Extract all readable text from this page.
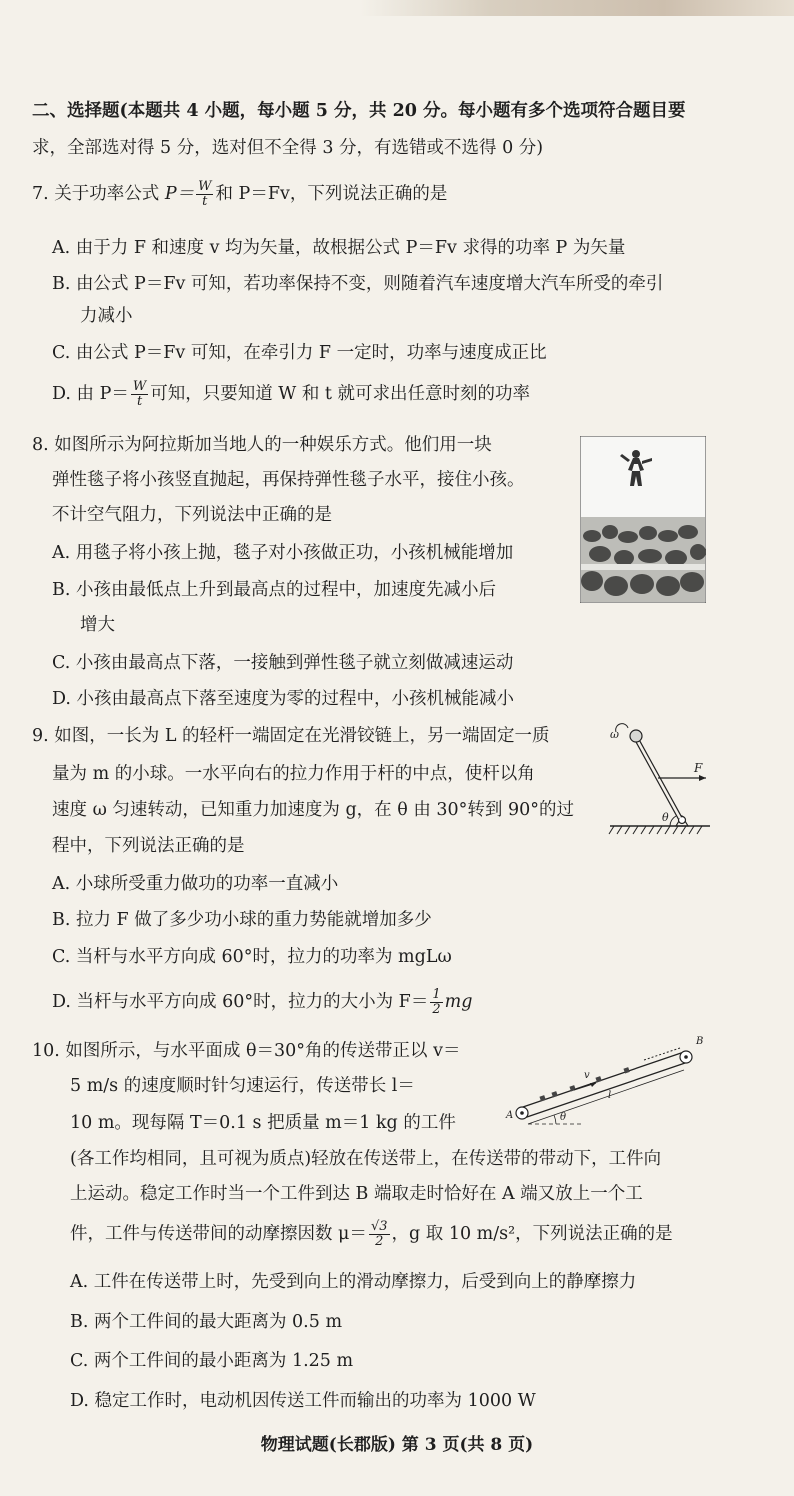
二、选择题(本题共 4 小题，每小题 5 分，共 20 分。每小题有多个选项符合题目要
求，全部选对得 5 分，选对但不全得 3 分，有选错或不选得 0 分)
7. 关于功率公式 $P= \frac{W}{t}$ 和 P＝Fv，下列说法正确的是
A. 由于力 F 和速度 v 均为矢量，故根据公式 P＝Fv 求得的功率 P 为矢量
B. 由公式 P＝Fv 可知，若功率保持不变，则随着汽车速度增大汽车所受的牵引
力减小
C. 由公式 P＝Fv 可知，在牵引力 F 一定时，功率与速度成正比
D. 由 $P= \frac{W}{t}$ 可知，只要知道 W 和 t 就可求出任意时刻的功率
8. 如图所示为阿拉斯加当地人的一种娱乐方式。他们用一块
弹性毯子将小孩竖直抛起，再保持弹性毯子水平，接住小孩。
不计空气阻力，下列说法中正确的是
A. 用毯子将小孩上抛，毯子对小孩做正功，小孩机械能增加
B. 小孩由最低点上升到最高点的过程中，加速度先减小后
增大
C. 小孩由最高点下落，一接触到弹性毯子就立刻做减速运动
D. 小孩由最高点下落至速度为零的过程中，小孩机械能减小
9. 如图，一长为 L 的轻杆一端固定在光滑铰链上，另一端固定一质
量为 m 的小球。一水平向右的拉力作用于杆的中点，使杆以角
速度 ω 匀速转动，已知重力加速度为 g，在 θ 由 30°转到 90°的过
程中，下列说法正确的是
A. 小球所受重力做功的功率一直减小
B. 拉力 F 做了多少功小球的重力势能就增加多少
C. 当杆与水平方向成 60°时，拉力的功率为 mgLω
D. 当杆与水平方向成 60°时，拉力的大小为 $F= \frac{1}{2}$ mg
ω
F
θ
10. 如图所示，与水平面成 θ＝30°角的传送带正以 v＝
5 m/s 的速度顺时针匀速运行，传送带长 l＝
10 m。现每隔 T＝0.1 s 把质量 m＝1 kg 的工件
(各工作均相同，且可视为质点)轻放在传送带上，在传送带的带动下，工件向
上运动。稳定工作时当一个工件到达 B 端取走时恰好在 A 端又放上一个工
件，工件与传送带间的动摩擦因数 $\mu= \frac{√3}{2}$ ，g 取 10 m/s²，下列说法正确的是
A. 工件在传送带上时，先受到向上的滑动摩擦力，后受到向上的静摩擦力
B. 两个工件间的最大距离为 0.5 m
C. 两个工件间的最小距离为 1.25 m
D. 稳定工作时，电动机因传送工件而输出的功率为 1000 W
A
B
v
l
θ
物理试题(长郡版) 第 3 页(共 8 页)
